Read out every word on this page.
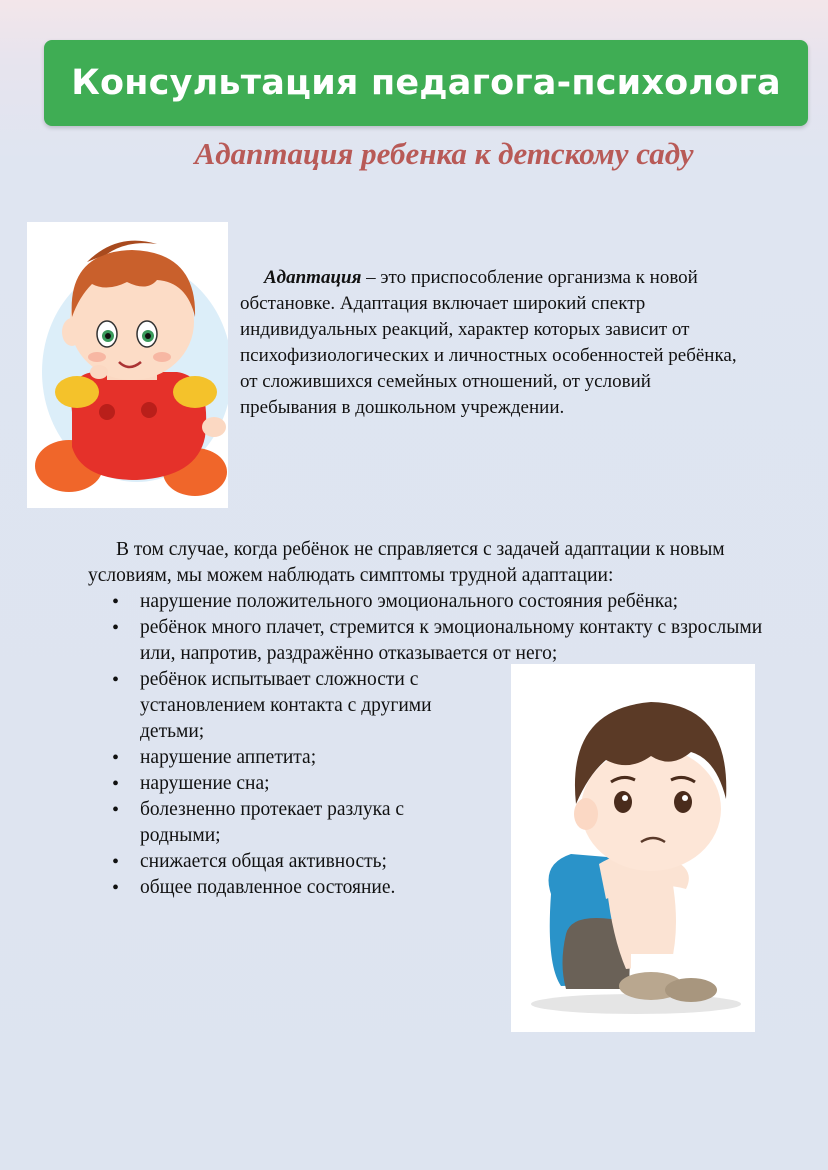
Консультация педагога-психолога
Адаптация ребенка к детскому саду

Адаптация – это приспособление организма к новой обстановке. Адаптация включает широкий спектр индивидуальных реакций, характер которых зависит от психофизиологических и личностных особенностей ребёнка, от сложившихся семейных отношений, от условий пребывания в дошкольном учреждении.

В том случае, когда ребёнок не справляется с задачей адаптации к новым условиям, мы можем наблюдать симптомы трудной адаптации:

• нарушение положительного эмоционального состояния ребёнка;
• ребёнок много плачет, стремится к эмоциональному контакту с взрослыми или, напротив, раздражённо отказывается от него;
• ребёнок испытывает сложности с установлением контакта с другими детьми;
• нарушение аппетита;
• нарушение сна;
• болезненно протекает разлука с родными;
• снижается общая активность;
• общее подавленное состояние.
